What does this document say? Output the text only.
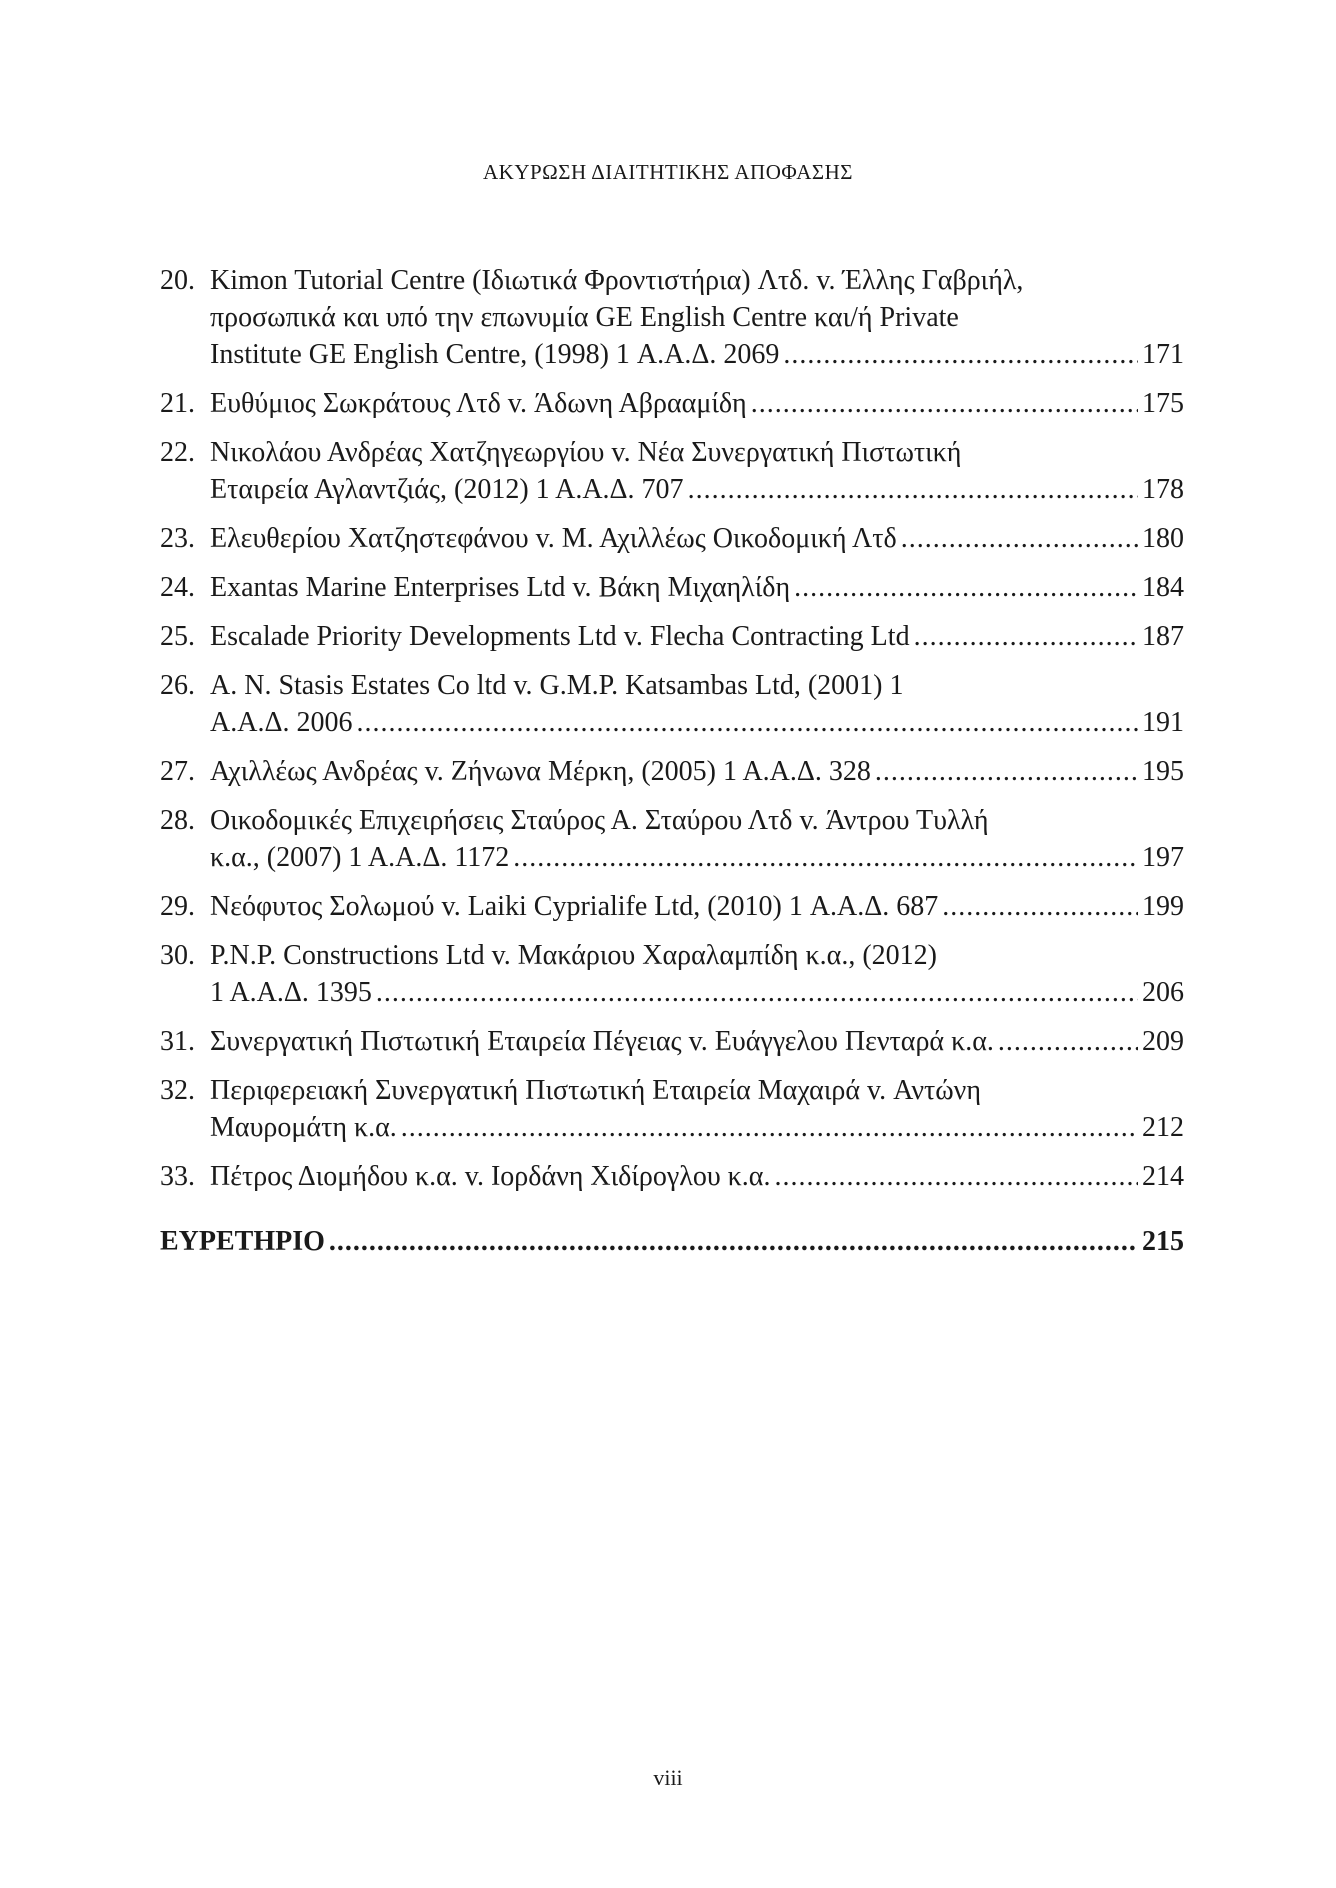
ΑΚΥΡΩΣΗ ΔΙΑΙΤΗΤΙΚΗΣ ΑΠΟΦΑΣΗΣ
20. Kimon Tutorial Centre (Ιδιωτικά Φροντιστήρια) Λτδ. v. Έλλης Γαβριήλ,
προσωπικά και υπό την επωνυμία GE English Centre και/ή Private
Institute GE English Centre, (1998) 1 Α.Α.Δ. 2069 .....	171
21. Ευθύμιος Σωκράτους Λτδ v. Άδωνη Αβρααμίδη .....	175
22. Νικολάου Ανδρέας Χατζηγεωργίου v. Νέα Συνεργατική Πιστωτική
Εταιρεία Αγλαντζιάς, (2012) 1 Α.Α.Δ. 707 .....	178
23. Ελευθερίου Χατζηστεφάνου v. Μ. Αχιλλέως Οικοδομική Λτδ .....	180
24. Exantas Marine Enterprises Ltd v. Βάκη Μιχαηλίδη .....	184
25. Escalade Priority Developments Ltd v. Flecha Contracting Ltd .....	187
26. A. N. Stasis Estates Co ltd v. G.M.P. Katsambas Ltd, (2001) 1
Α.Α.Δ. 2006 .....	191
27. Αχιλλέως Ανδρέας v. Ζήνωνα Μέρκη, (2005) 1 Α.Α.Δ. 328 .....	195
28. Οικοδομικές Επιχειρήσεις Σταύρος Α. Σταύρου Λτδ v. Άντρου Τυλλή
κ.α., (2007) 1 Α.Α.Δ. 1172 .....	197
29. Νεόφυτος Σολωμού v. Laiki Cyprialife Ltd, (2010) 1 Α.Α.Δ. 687 .....	199
30. P.N.P. Constructions Ltd v. Μακάριου Χαραλαμπίδη κ.α., (2012)
1 Α.Α.Δ. 1395 .....	206
31. Συνεργατική Πιστωτική Εταιρεία Πέγειας v. Ευάγγελου Πενταρά κ.α. .....	209
32. Περιφερειακή Συνεργατική Πιστωτική Εταιρεία Μαχαιρά v. Αντώνη
Μαυρομάτη κ.α. .....	212
33. Πέτρος Διομήδου κ.α. v. Ιορδάνη Χιδίρογλου κ.α. .....	214
ΕΥΡΕΤΗΡΙΟ .....	215
viii
